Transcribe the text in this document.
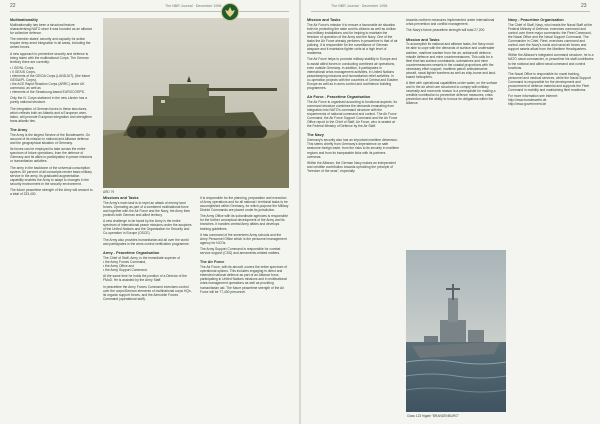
22	The NBR Journal · December 1998
Multinationality

Multinationality has been a structural feature characterising NATO since it was founded as an alliance for collective defence.

The member states' security and capacity for action require deep-ened integration in all areas, including the armed forces.

A new approach to preventive security and defence is being taken with the multinational Corps. The German territory there are currently:

• I GE/NL Corps,
• II GE/US Corps,
• elements of the GE/DA Corps (LANDJUT), (the future GE/DA/PL Corps),
• the ACE Rapid Reaction Corps (ARRC) under UK command, as well as
• elements of the Strasbourg-based EUROCORPS.

Only the IV. Corps stationed in the new Länder has a purely national structure.

The integration of German forces in these structures, which reflects both an Atlantic and a European orien-tation, will promote European integration and strengthen trans-atlantic ties.

The Army

The Army is the largest Service of the Bundeswehr. On account of its mission in national and Alliance defence and the geographical situation of Germany.

Its forces can be employed to take across the entire spectrum of future operations, from the defence of Germany and its allies to participation in peace missions or humanitarian activities.

The army in the backbone of the universal conscription system. 60 percent of all conscripts render basic military service in the army. Its graduated augmentation capability enables the Army to adapt to changes in the security environment in the security environment.

The future peacetime strength of the Army will amount to a total of 233,400.

ARD 79
Missions and Tasks

The Army's main task is to repel an attack of enemy land forces. Operating as part of a combined multinational force and together with the Air Force and the Navy, the Army then protects both German and allied territory.

A new challenge to be faced by the Army is the entire spectrum of international peace missions under the auspices of the United Nations and the Organisation for Security and Co-operation in Europe (OSCE).

The Army also provides humanitarian aid all over the world and participates in the arms control verification programme.

Army - Peacetime Organisation

The Chief of Staff, Army, is the immediate superior of
• the Army Forces Command,
• the Army Office and
• the Army Support Command.

At the same time he holds the position of a Director of the FMoD. He is assisted by the Army Staff.

In peacetime the Army Forces Command exercises control over the corps/German elements of multinational corps HQs, its organic support forces, and the Airmobile Forces Command (operational staff).

It is responsible for the planning, preparation and execution of Army operations and for all national / territorial tasks to be accomplished within Germany, for which purpose the Military District Commands are placed under its jurisdiction.

The Army Office with its subordinate agencies is responsible for the further conceptual development of the Army and its branches. It handles central Army affairs and develops training guidelines.

It has command of the seventeen Army schools and the Army Personnel Office which is the personnel management agency for NCOs.

The Army Support Command is responsible for combat service support (CSS) and armaments-related matters.

The Air Force

The Air Force, with its aircraft, covers the entire spectrum of operational options. This includes engaging in direct and extended national defence as part of an Alliance force, participating in United Nations missions and in multinational crisis management operations as well as providing humanitarian aid. The future peacetime strength of the Air Force will be 77,400 personnel.

The NBR Journal · December 1998	23
Mission and Tasks

The Air Force's mission it to ensure a favourable air situation both for protecting the state and its citizens as well as civilian and military installations and for helping to maintain the freedom of operation of the Army and the Navy. One of the tasks the Air Force already performs in peacetime is that of air policing. It is responsible for the surveillance of German airspace and it maintains fighter units at a high level of readiness.

The Air Force helps to promote military stability in Europe and to assist allied forces in conducting combined air operations, even outside Germany. In addition, it participates in international crisis management activities, in United Nations peacekeeping missions and humanitarian relief activities. In co-operation projects with the countries of Central and Eastern Europe as well as in arms control and confidence building programmes.

Air Force - Peacetime Organisation

The Air Force is organised according to functional aspects. Its command structure combines the demands emanating from integration into NATO's command structure with the requirements of national command and control. The Air Force Command, the Air Force Support Command and the Air Force Office report to the Chief of Staff, Air Force, who is seated at the Federal Ministry of Defence by the Air Staff.

The Navy

Germany's security also has an important maritime dimension. This stems chiefly from Germany's dependence on safe seaborne foreign trade, from the risks to its security in maritime regions and from its inseparable links with its partners overseas.

Within the Alliance, the German Navy makes an independent and credible contribution towards upholding the principle of "freedom of the seas", especially

towards northern measures implemented under international crisis prevention and conflict management.

The Navy's future peacetime strength will total 27,200.

Mission and Tasks

To accomplish its national and alliance tasks, the Navy must be able to cope with the demands of surface and underwater warfare, maritime warfare from the air, antiaircraft defence, missile defence and mine countermeasures. This calls for a fleet that has surface combatants, submarines and mine countermeasures vessels in the coastal proportions with the necessary effort support, maritime patrol/ antisubmarine aircraft, naval fighter bombers as well as ship-borne and land-based helicopters.

A fleet with operational capabilities under water, on the surface and in the air which are structured to comply with military necessity and economic reason is a prerequisite for making a credible contribution to preventive defence measures, crisis prevention and the ability to honour its obligations within the Alliance.

Class 123 frigate "BRANDENBURG"
Navy - Peacetime Organisation

The Chief of Staff, Navy, who heads the Naval Staff at the Federal Ministry of Defence, exercises command and control over three major commands: the Fleet Command, the Naval Office and the Naval Support Command. The Commander in Chief, Fleet, exercises command and control over the Navy's naval and naval air forces and support assets afloat from the Maritime Headquarters.

Within the Alliance's integrated command structure, he is a NATO naval commander, in peacetime his staff contributes to the national and allied naval command and control functions.

The Naval Office is responsible for naval training, personnel and medical services, while the Naval Support Command is responsible for the development and procurement of defence material and supports the Fleet Command in mobility and maintaining fleet readiness.

For more information see Internet:
http://www.bundeswehr.de
http://www.government.de
